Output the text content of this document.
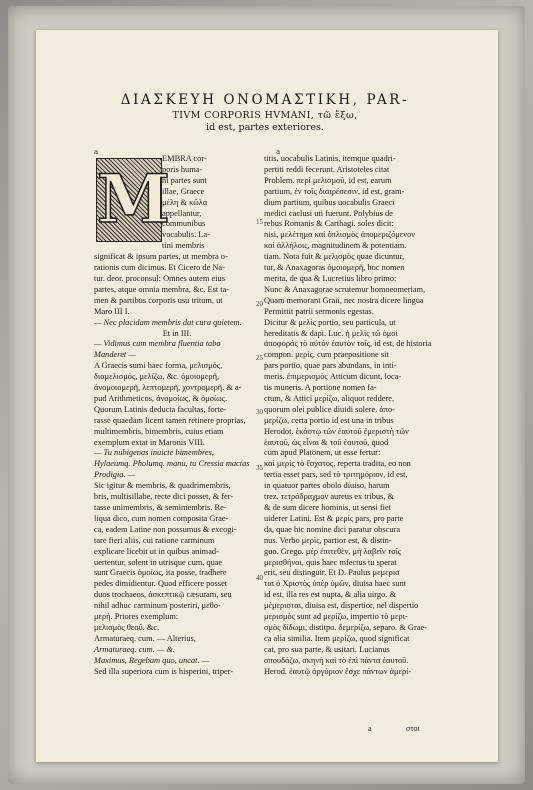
a	a
ΔΙΑΣΚΕΥΗ ΟΝΟΜΑΣΤΙΚΗ, PAR-
TIVM CORPORIS HVMANI, τῶ ἔξω,
id est, partes exteriores.
M

EMBRA cor-

poris huma-

ni partes sunt

illae, Graece

μέλη & κῶλα

appellantur,

communibus

vocabulis. La-

tini membris

significat & ipsum partes, ut membra o-

rationis cum dicimus. Et Cicero de Na-

tur. deor. proconsul: Omnes autem eius

partes, atque omnia membra, &c. Est ta-

men & partibus corporis usu tritum, ut

Maro III I.

— Nec placidam membris dat cura quietem.

Et in III.

— Vidimus cum membra fluentia tabo

Manderet —

A Graecis sumi haec forma, μελισμός,

διαμελισμός, μελίζω, &c. ὁμοιομερῆ,

ἀνομοιομερῆ, λεπτομερῆ, χοντρομερῆ. & a-

pud Arithmeticos, ἀνομοίως, & ὁμοίως.

Quorum Latinis deducta facultas, forte-

rasse quaedam licent tamen retinere proprias,

multimembris, bimembris, cuius etiam

exemplum extat in Maronis VIII.

— Tu nubigenas inuicte bimembres,

Hylaeumq. Pholumq. manu, tu Cressia mactas

Prodigia. —

Sic igitur & membris, & quadrimembris,

bris, multisillabe, recte dici posset, & fer-

tasse unimembris, & semimembris. Re-

liqua dico, cum nomen composita Grae-

ca, eadem Latine non possumus & excogi-

tare fieri aliis, cui ratione carminum

explicare licebit ut in quibus animad-

uertentur, solent in utrisque cum, quae

sunt Graecis ὁμοίως, ita posse, tradhere

pedes dimidientur. Quod efficere posset

duos trochaeos, ἀσκεπτικῷ cæsuram, seu

nihil adhuc carminum posteriri, μεθο-

μερή. Priores exemplum:

μελισμὸς θεοῦ. &c.

Armaturaeq. cum. — Alterius,

Armaturaeq. cum. — &.

Maximus, Regebam quo, uncat. —

Sed illa superiora cum is hisperini, triper-

titis, uocabulis Latinis, itemque quadri-

pertiti reddi fecerunt. Aristoteles citat

Problem. περὶ μελισμοῦ, id est, earum

partium, ἐν τοῖς διαιρέσεσιν, id est, gram-

dium partium, quibus uocabulis Graeci

medici caclusi uti fuerunt. Polybius de

rebus Romanis & Carthagi. soles dicit:

nisi, μελέτημα καὶ ὁπλισμὸς ἀπομεριζόμενον

καὶ ἀλλήλοις, magnitudinem & potentiam.

tiam. Nota fuit & μελισμὸς quae dicuntur,

tur, & Anaxagoras ὁμοιομερῆ, hoc nomen

merita, de qua & Lucretius libro primo:

Nunc & Anaxagorae scrutemur homoeomeriam,

Quam memorant Graii, nec nostra dicere lingua

Permittit patrii sermonis egestas.

Dicitur & μελὶς portio, seu particula, ut

hereditatis & dapi. Luc. ἡ μελὶς τῶ ὁμοί

ἀποφοράς τὸ αὐτόν ἑαυτὸν τοῖς, id est, de historia

compon. μερίς, cum praepositione sit

pars portio, quae pars abundans, in inti-

meris. ἐπιμερισμὸς Atticum dicunt, loca-

tis muneris. A portione nomen fa-

ctum, & Attici μερίζω, aliquot reddere,

quorum olei publice diuidi solere. ἀπο-

μερίζω, certa portio id est una in tribus

Herodot. ἑκάστῳ τῶν ἑαυτοῦ ἐμεριστὴ τῶν

ἑαυτοῦ, ὡς εἶναι & τοῦ ἑαυτοῦ, quod

cum apud Platonem, ut esse fertur:

καὶ μερίς τὸ ἔσχατος, reperta tradita, eo non

tertia esset pars, sed τὸ τριτημόριον, id est,

in quatuor partes obolo diuiso, harum

trez. τετράδραχμον aureus ex tribus, &

& de sum dicere hominis, ut sensi fiet

uiderer Latini. Est & μερίς pars, pro parte

da, quae hic nomine dici paratur obscura

nus. Verbo μερὶς, partior est, & distin-

guo. Grego. μέρ ἐπιτεθὲν, μὴ λαβεῖν τοῖς

μερισθήναι, quis haec mfectus tu sperat

erit, seu distinguir. Et D. Paulus μεμερισ

ται ὁ Χριστὸς ὑπὲρ ὑμῶν, diuisa haec sunt

id est, illa res est nupta, & alia uirgo. &

μέμερισται, diuisa est, dispertior, nel dispertio

μερισμὸς sunt ad μερίζω, impertio τὸ μερι-

σμὸς δίδωμι, distitpo. δεμερίζω, separo. & Grae-

ca alia similia. Item μερίζω, quod significat

cat, pro sua parte, & usitari. Lucianus

σπουδάζω, σκηνὴ καὶ τὸ ἐπὶ πάντα ἑαυτοῦ.

Herod. ἑαυτῷ ἀργύριον ἔσχε πάντων ἀμερί-

15
20
25
30
35
40
a	στοι
